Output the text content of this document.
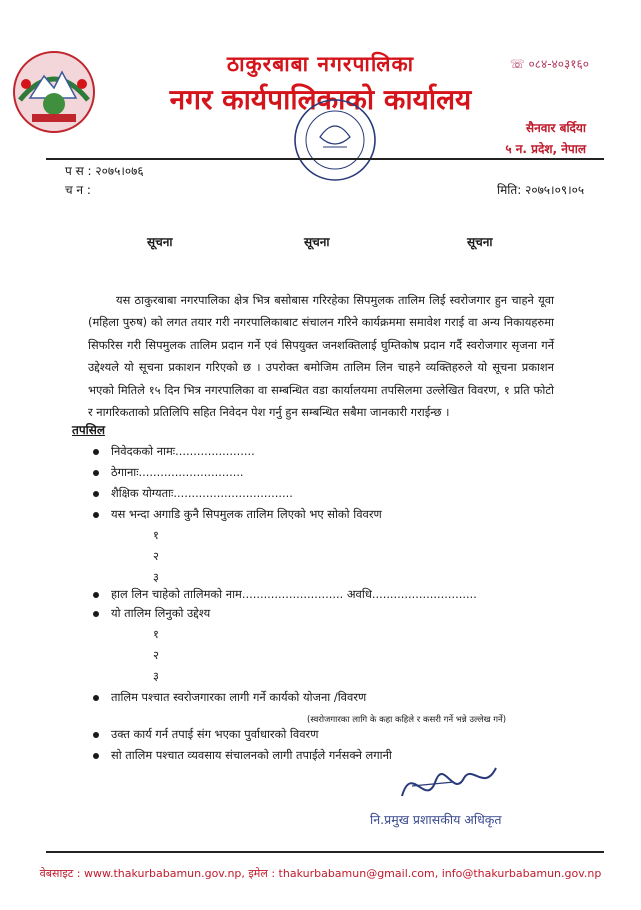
ठाकुरबाबा नगरपालिका
नगर कार्यपालिकाको कार्यालय
☏ ०८४-४०३१६०
सैनवार बर्दिया
५ न. प्रदेश, नेपाल
प स : २०७५।०७६
च न :	मिति: २०७५।०९।०५
सूचना	सूचना	सूचना
यस ठाकुरबाबा नगरपालिका क्षेत्र भित्र बसोबास गरिरहेका सिपमुलक तालिम लिई स्वरोजगार हुन चाहने यूवा (महिला पुरुष) को लगत तयार गरी नगरपालिकाबाट संचालन गरिने कार्यक्रममा समावेश गराई वा अन्य निकायहरुमा सिफरिस गरी सिपमुलक तालिम प्रदान गर्ने एवं सिपयुक्त जनशक्तिलाई घुम्तिकोष प्रदान गर्दै स्वरोजगार सृजना गर्ने उद्देश्यले यो सूचना प्रकाशन गरिएको छ । उपरोक्त बमोजिम तालिम लिन चाहने व्यक्तिहरुले यो सूचना प्रकाशन भएको मितिले १५ दिन भित्र नगरपालिका वा सम्बन्धित वडा कार्यालयमा तपसिलमा उल्लेखित विवरण, १ प्रति फोटो र नागरिकताको प्रतिलिपि सहित निवेदन पेश गर्नु हुन सम्बन्धित सबैमा जानकारी गराईन्छ ।
तपसिल
निवेदकको नामः......................
ठेगानाः.............................
शैक्षिक योग्यताः.................................
यस भन्दा अगाडि कुनै सिपमुलक तालिम लिएको भए सोको विवरण
१
२
३
हाल लिन चाहेको तालिमको नाम............................ अवधि.............................
यो तालिम लिनुको उद्देश्य
१
२
३
तालिम पश्चात स्वरोजगारका लागी गर्ने कार्यको योजना /विवरण
(स्वरोजगारका लागि के कहा कहिले र कसरी गर्ने भन्ने उल्लेख गर्ने)
उक्त कार्य गर्न तपाई संग भएका पुर्वाधारको विवरण
सो तालिम पश्चात व्यवसाय संचालनको लागी तपाईले गर्नसक्ने लगानी
नि.प्रमुख प्रशासकीय अधिकृत
वेबसाइट : www.thakurbabamun.gov.np, इमेल : thakurbabamun@gmail.com, info@thakurbabamun.gov.np
